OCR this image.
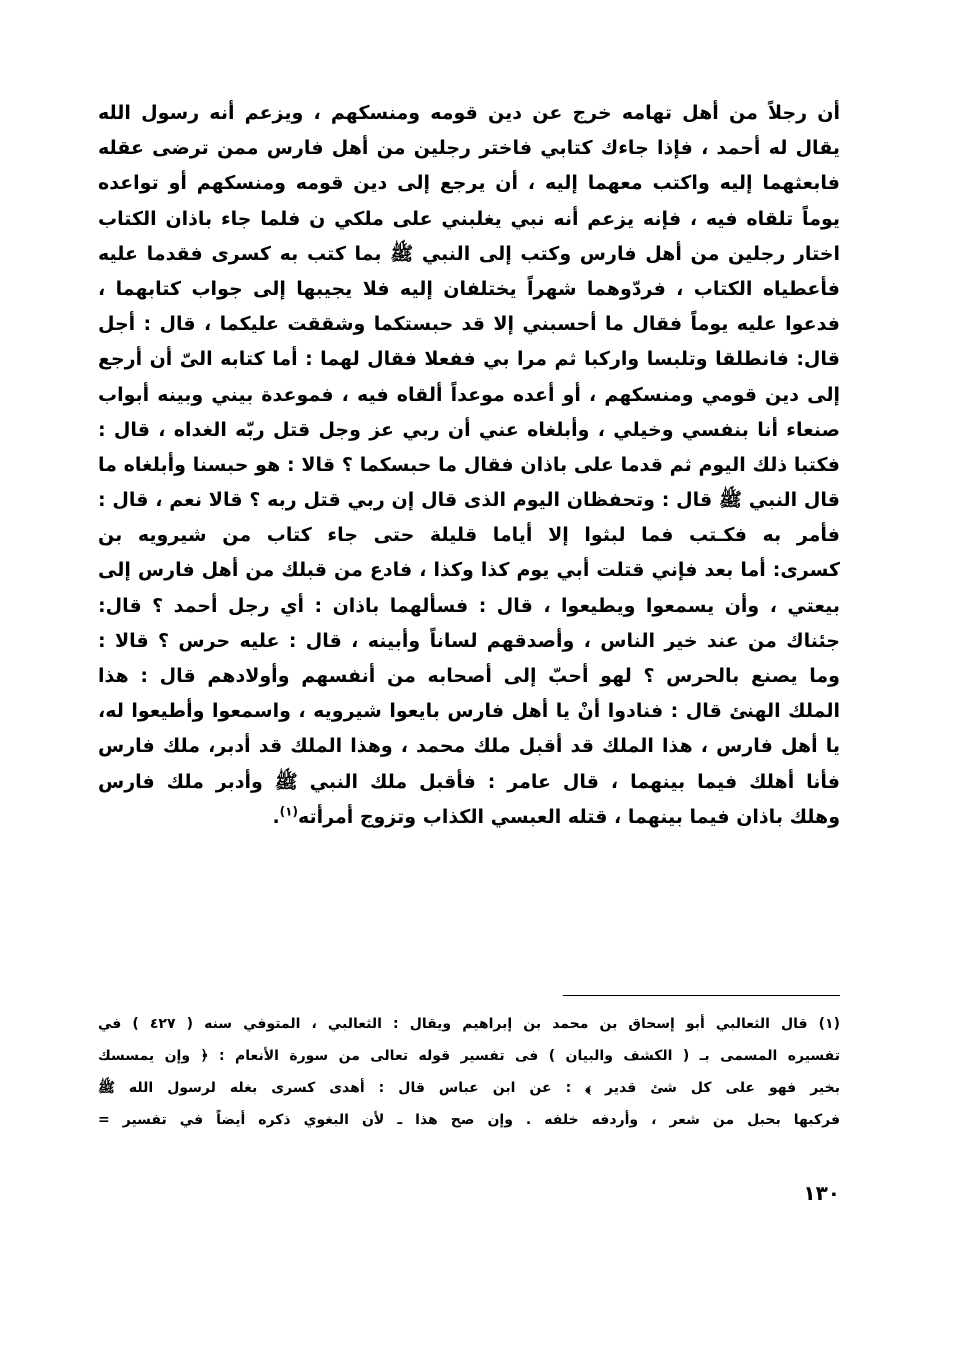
أن رجلاً من أهل تهامه خرج عن دين قومه ومنسكهم ، ويزعم أنه رسول الله
يقال له أحمد ، فإذا جاءك كتابي فاختر رجلين من أهل فارس ممن ترضى عقله
فابعثهما إليه واكتب معهما إليه ، أن يرجع إلى دين قومه ومنسكهم أو تواعده
يوماً تلقاه فيه ، فإنه يزعم أنه نبي يغلبني على ملكي ن فلما جاء باذان الكتاب
اختار رجلين من أهل فارس وكتب إلى النبي ﷺ بما كتب به كسرى فقدما عليه
فأعطياه الكتاب ، فردّوهما شهراً يختلفان إليه فلا يجيبها إلى جواب كتابهما ،
فدعوا عليه يوماً فقال ما أحسبني إلا قد حبستكما وشققت عليكما ، قال : أجل
قال: فانطلقا وتلبسا واركبا ثم مرا بي ففعلا فقال لهما : أما كتابه الىّ أن أرجع
إلى دين قومي ومنسكهم ، أو أعده موعداً ألقاه فيه ، فموعدة بيني وبينه أبواب
صنعاء أنا بنفسي وخيلي ، وأبلغاه عني أن ربي عز وجل قتل ربّه الغداه ، قال :
فكتبا ذلك اليوم ثم قدما على باذان فقال ما حبسكما ؟ قالا : هو حبسنا وأبلغاه ما
قال النبي ﷺ قال : وتحفظان اليوم الذى قال إن ربي قتل ربه ؟ قالا نعم ، قال :
فأمر به فكـتب فما لبثوا إلا أياما قليلة حتى جاء كتاب من شيرويه بن
كسرى: أما بعد فإني قتلت أبي يوم كذا وكذا ، فادع من قبلك من أهل فارس إلى
بيعتي ، وأن يسمعوا ويطيعوا ، قال : فسألهما باذان : أي رجل أحمد ؟ قال:
جئناك من عند خير الناس ، وأصدقهم لساناً وأبينه ، قال : عليه حرس ؟ قالا :
وما يصنع بالحرس ؟ لهو أحبّ إلى أصحابه من أنفسهم وأولادهم قال : هذا
الملك الهنئ قال : فنادوا أنْ يا أهل فارس بايعوا شيرويه ، واسمعوا وأطيعوا له،
يا أهل فارس ، هذا الملك قد أقبل ملك محمد ، وهذا الملك قد أدبر، ملك فارس
فأنا أهلك فيما بينهما ، قال عامر : فأقبل ملك النبي ﷺ وأدبر ملك فارس
وهلك باذان فيما بينهما ، قتله العبسي الكذاب وتزوج أمرأته$^{(١)}$.
(١) قال الثعالبي أبو إسحاق بن محمد بن إبراهيم ويقال : الثعالبي ، المتوفي سنه ( ٤٢٧ ) في
تفسيره المسمى بـ ( الكشف والبيان ) فى تفسير قوله تعالى من سورة الأنعام : ﴿ وإن يمسسك
بخير فهو على كل شئ قدير ﴾ : عن ابن عباس قال : أهدى كسرى بغله لرسول الله ﷺ
فركبها بحبل من شعر ، وأردفه خلفه . وإن صح هذا ـ لأن البغوي ذكره أيضاً في تفسير =
١٣٠
